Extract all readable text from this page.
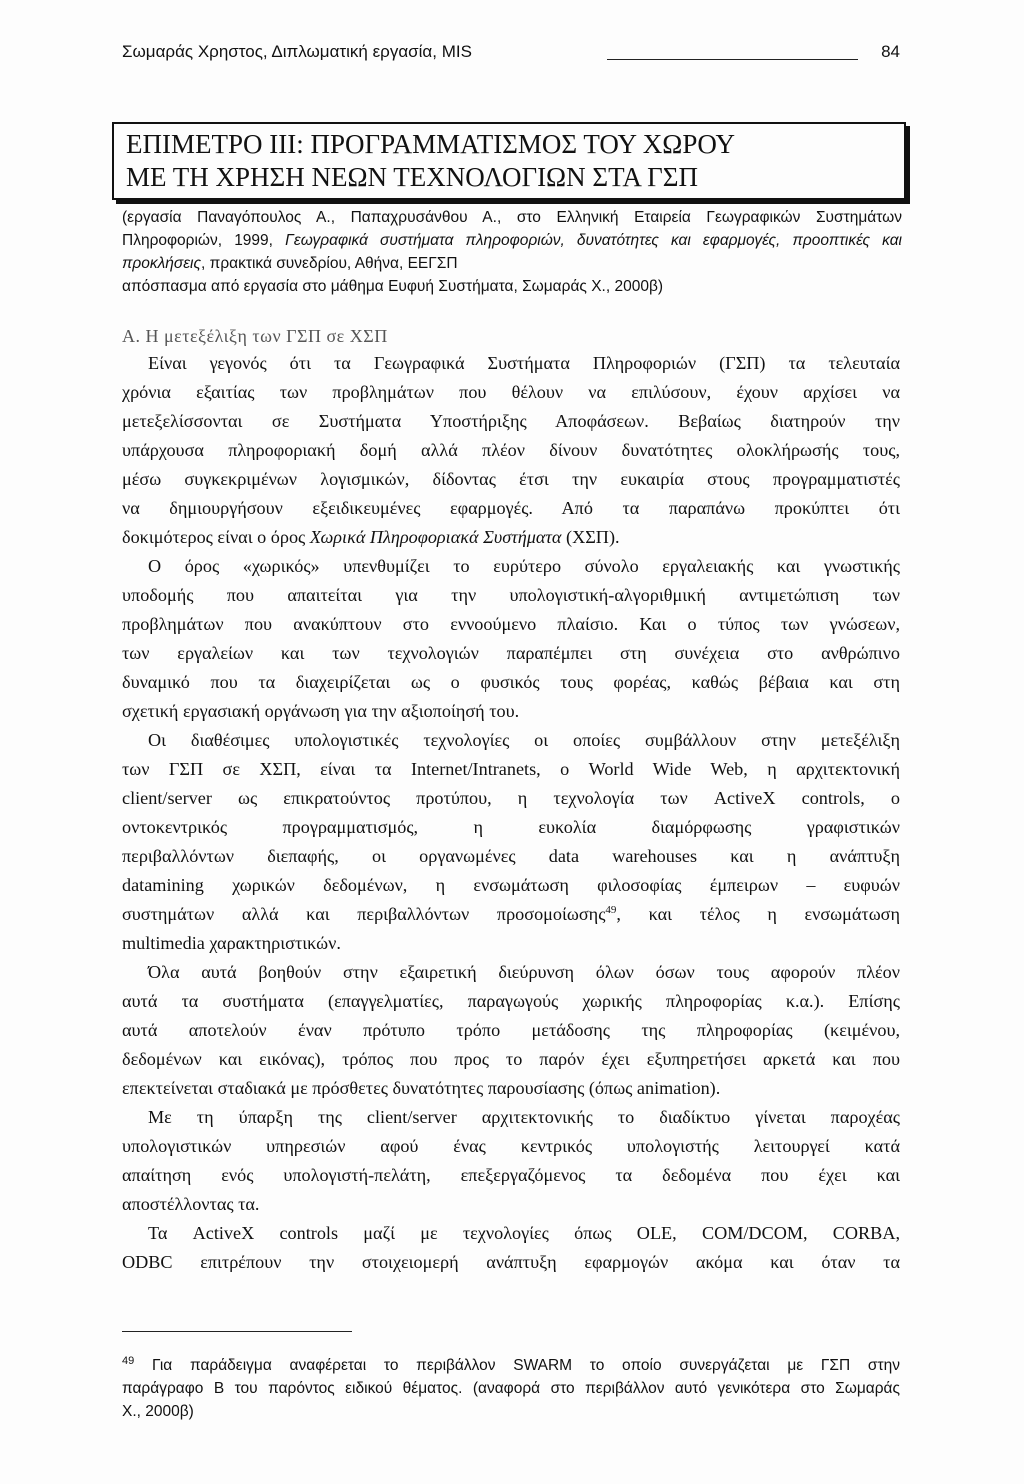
Σωμαράς Χρηστος, Διπλωματική εργασία, MIS	84
ΕΠΙΜΕΤΡΟ ΙΙΙ: ΠΡΟΓΡΑΜΜΑΤΙΣΜΟΣ ΤΟΥ ΧΩΡΟΥ
ΜΕ ΤΗ ΧΡΗΣΗ ΝΕΩΝ ΤΕΧΝΟΛΟΓΙΩΝ ΣΤΑ ΓΣΠ

(εργασία Παναγόπουλος Α., Παπαχρυσάνθου Α., στο Ελληνική Εταιρεία Γεωγραφικών Συστημάτων

Πληροφοριών, 1999, Γεωγραφικά συστήματα πληροφοριών, δυνατότητες και εφαρμογές, προοπτικές και

προκλήσεις, πρακτικά συνεδρίου, Αθήνα, ΕΕΓΣΠ

απόσπασμα από εργασία στο μάθημα Ευφυή Συστήματα, Σωμαράς Χ., 2000β)

Α. Η μετεξέλιξη των ΓΣΠ σε ΧΣΠ
Είναι γεγονός ότι τα Γεωγραφικά Συστήματα Πληροφοριών (ΓΣΠ) τα τελευταία
χρόνια εξαιτίας των προβλημάτων που θέλουν να επιλύσουν, έχουν αρχίσει να
μετεξελίσσονται σε Συστήματα Υποστήριξης Αποφάσεων. Βεβαίως διατηρούν την
υπάρχουσα πληροφοριακή δομή αλλά πλέον δίνουν δυνατότητες ολοκλήρωσής τους,
μέσω συγκεκριμένων λογισμικών, δίδοντας έτσι την ευκαιρία στους προγραμματιστές
να δημιουργήσουν εξειδικευμένες εφαρμογές. Από τα παραπάνω προκύπτει ότι
δοκιμότερος είναι ο όρος Χωρικά Πληροφοριακά Συστήματα (ΧΣΠ).
Ο όρος «χωρικός» υπενθυμίζει το ευρύτερο σύνολο εργαλειακής και γνωστικής
υποδομής που απαιτείται για την υπολογιστική-αλγοριθμική αντιμετώπιση των
προβλημάτων που ανακύπτουν στο εννοούμενο πλαίσιο. Και ο τύπος των γνώσεων,
των εργαλείων και των τεχνολογιών παραπέμπει στη συνέχεια στο ανθρώπινο
δυναμικό που τα διαχειρίζεται ως ο φυσικός τους φορέας, καθώς βέβαια και στη
σχετική εργασιακή οργάνωση για την αξιοποίησή του.
Οι διαθέσιμες υπολογιστικές τεχνολογίες οι οποίες συμβάλλουν στην μετεξέλιξη
των ΓΣΠ σε ΧΣΠ, είναι τα Internet/Intranets, ο World Wide Web, η αρχιτεκτονική
client/server ως επικρατούντος προτύπου, η τεχνολογία των ActiveX controls, ο
οντοκεντρικός προγραμματισμός, η ευκολία διαμόρφωσης γραφιστικών
περιβαλλόντων διεπαφής, οι οργανωμένες data warehouses και η ανάπτυξη
datamining χωρικών δεδομένων, η ενσωμάτωση φιλοσοφίας έμπειρων – ευφυών
συστημάτων αλλά και περιβαλλόντων προσομοίωσης$^{49}$, και τέλος η ενσωμάτωση
multimedia χαρακτηριστικών.
Όλα αυτά βοηθούν στην εξαιρετική διεύρυνση όλων όσων τους αφορούν πλέον
αυτά τα συστήματα (επαγγελματίες, παραγωγούς χωρικής πληροφορίας κ.α.). Επίσης
αυτά αποτελούν έναν πρότυπο τρόπο μετάδοσης της πληροφορίας (κειμένου,
δεδομένων και εικόνας), τρόπος που προς το παρόν έχει εξυπηρετήσει αρκετά και που
επεκτείνεται σταδιακά με πρόσθετες δυνατότητες παρουσίασης (όπως animation).
Με τη ύπαρξη της client/server αρχιτεκτονικής το διαδίκτυο γίνεται παροχέας
υπολογιστικών υπηρεσιών αφού ένας κεντρικός υπολογιστής λειτουργεί κατά
απαίτηση ενός υπολογιστή-πελάτη, επεξεργαζόμενος τα δεδομένα που έχει και
αποστέλλοντας τα.
Τα ActiveX controls μαζί με τεχνολογίες όπως OLE, COM/DCOM, CORBA,
ODBC επιτρέπουν την στοιχειομερή ανάπτυξη εφαρμογών ακόμα και όταν τα
$^{49}$ Για παράδειγμα αναφέρεται το περιβάλλον SWARM το οποίο συνεργάζεται με ΓΣΠ στην
παράγραφο Β του παρόντος ειδικού θέματος. (αναφορά στο περιβάλλον αυτό γενικότερα στο Σωμαράς
Χ., 2000β)
